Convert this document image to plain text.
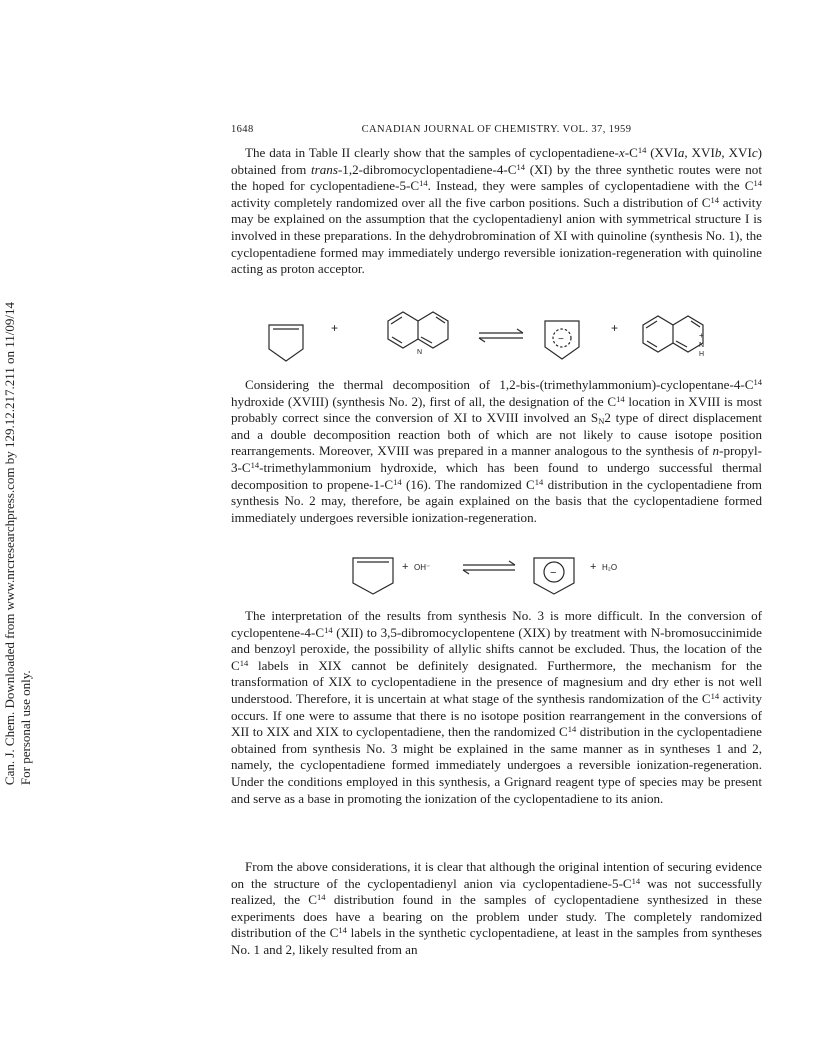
Can. J. Chem. Downloaded from www.nrcresearchpress.com by 129.12.217.211 on 11/09/14 For personal use only.
1648	CANADIAN JOURNAL OF CHEMISTRY. VOL. 37, 1959

The data in Table II clearly show that the samples of cyclopentadiene-$x-C^{14}$ (XVIa, XVIb, XVIc) obtained from trans-$1,2-dibromocyclopentadiene-4-C^{14}$ (XI) by the three synthetic routes were not the hoped for cyclopentadiene-$5-C^{14}$. Instead, they were samples of cyclopentadiene with the $C^{14}$ activity completely randomized over all the five carbon positions. Such a distribution of $C^{14}$ activity may be explained on the assumption that the cyclopentadienyl anion with symmetrical structure I is involved in these preparations. In the dehydrobromination of XI with quinoline (synthesis No. 1), the cyclopentadiene formed may immediately undergo reversible ionization-regeneration with quinoline acting as proton acceptor.

+	+
N
−	+
N
H

Considering the thermal decomposition of $1,2-bis-(trimethylammonium)-cyclopentane-4-C^{14}$ hydroxide (XVIII) (synthesis No. 2), first of all, the designation of the $C^{14}$ location in XVIII is most probably correct since the conversion of XI to XVIII involved an $S_N2$ type of direct displacement and a double decomposition reaction both of which are not likely to cause isotope position rearrangements. Moreover, XVIII was prepared in a manner analogous to the synthesis of $n-propyl-3-C^{14}$-trimethylammonium hydroxide, which has been found to undergo successful thermal decomposition to propene-$1-C^{14}$ (16). The randomized $C^{14}$ distribution in the cyclopentadiene from synthesis No. 2 may, therefore, be again explained on the basis that the cyclopentadiene formed immediately undergoes reversible ionization-regeneration.

+ OH⁻	−	+ H₂O

The interpretation of the results from synthesis No. 3 is more difficult. In the conversion of cyclopentene-$4-C^{14}$ (XII) to 3,5-dibromocyclopentene (XIX) by treatment with N-bromosuccinimide and benzoyl peroxide, the possibility of allylic shifts cannot be excluded. Thus, the location of the $C^{14}$ labels in XIX cannot be definitely designated. Furthermore, the mechanism for the transformation of XIX to cyclopentadiene in the presence of magnesium and dry ether is not well understood. Therefore, it is uncertain at what stage of the synthesis randomization of the $C^{14}$ activity occurs. If one were to assume that there is no isotope position rearrangement in the conversions of XII to XIX and XIX to cyclopentadiene, then the randomized $C^{14}$ distribution in the cyclopentadiene obtained from synthesis No. 3 might be explained in the same manner as in syntheses 1 and 2, namely, the cyclopentadiene formed immediately undergoes a reversible ionization-regeneration. Under the conditions employed in this synthesis, a Grignard reagent type of species may be present and serve as a base in promoting the ionization of the cyclopentadiene to its anion.

From the above considerations, it is clear that although the original intention of securing evidence on the structure of the cyclopentadienyl anion via cyclopentadiene-$5-C^{14}$ was not successfully realized, the $C^{14}$ distribution found in the samples of cyclopentadiene synthesized in these experiments does have a bearing on the problem under study. The completely randomized distribution of the $C^{14}$ labels in the synthetic cyclopentadiene, at least in the samples from syntheses No. 1 and 2, likely resulted from an
